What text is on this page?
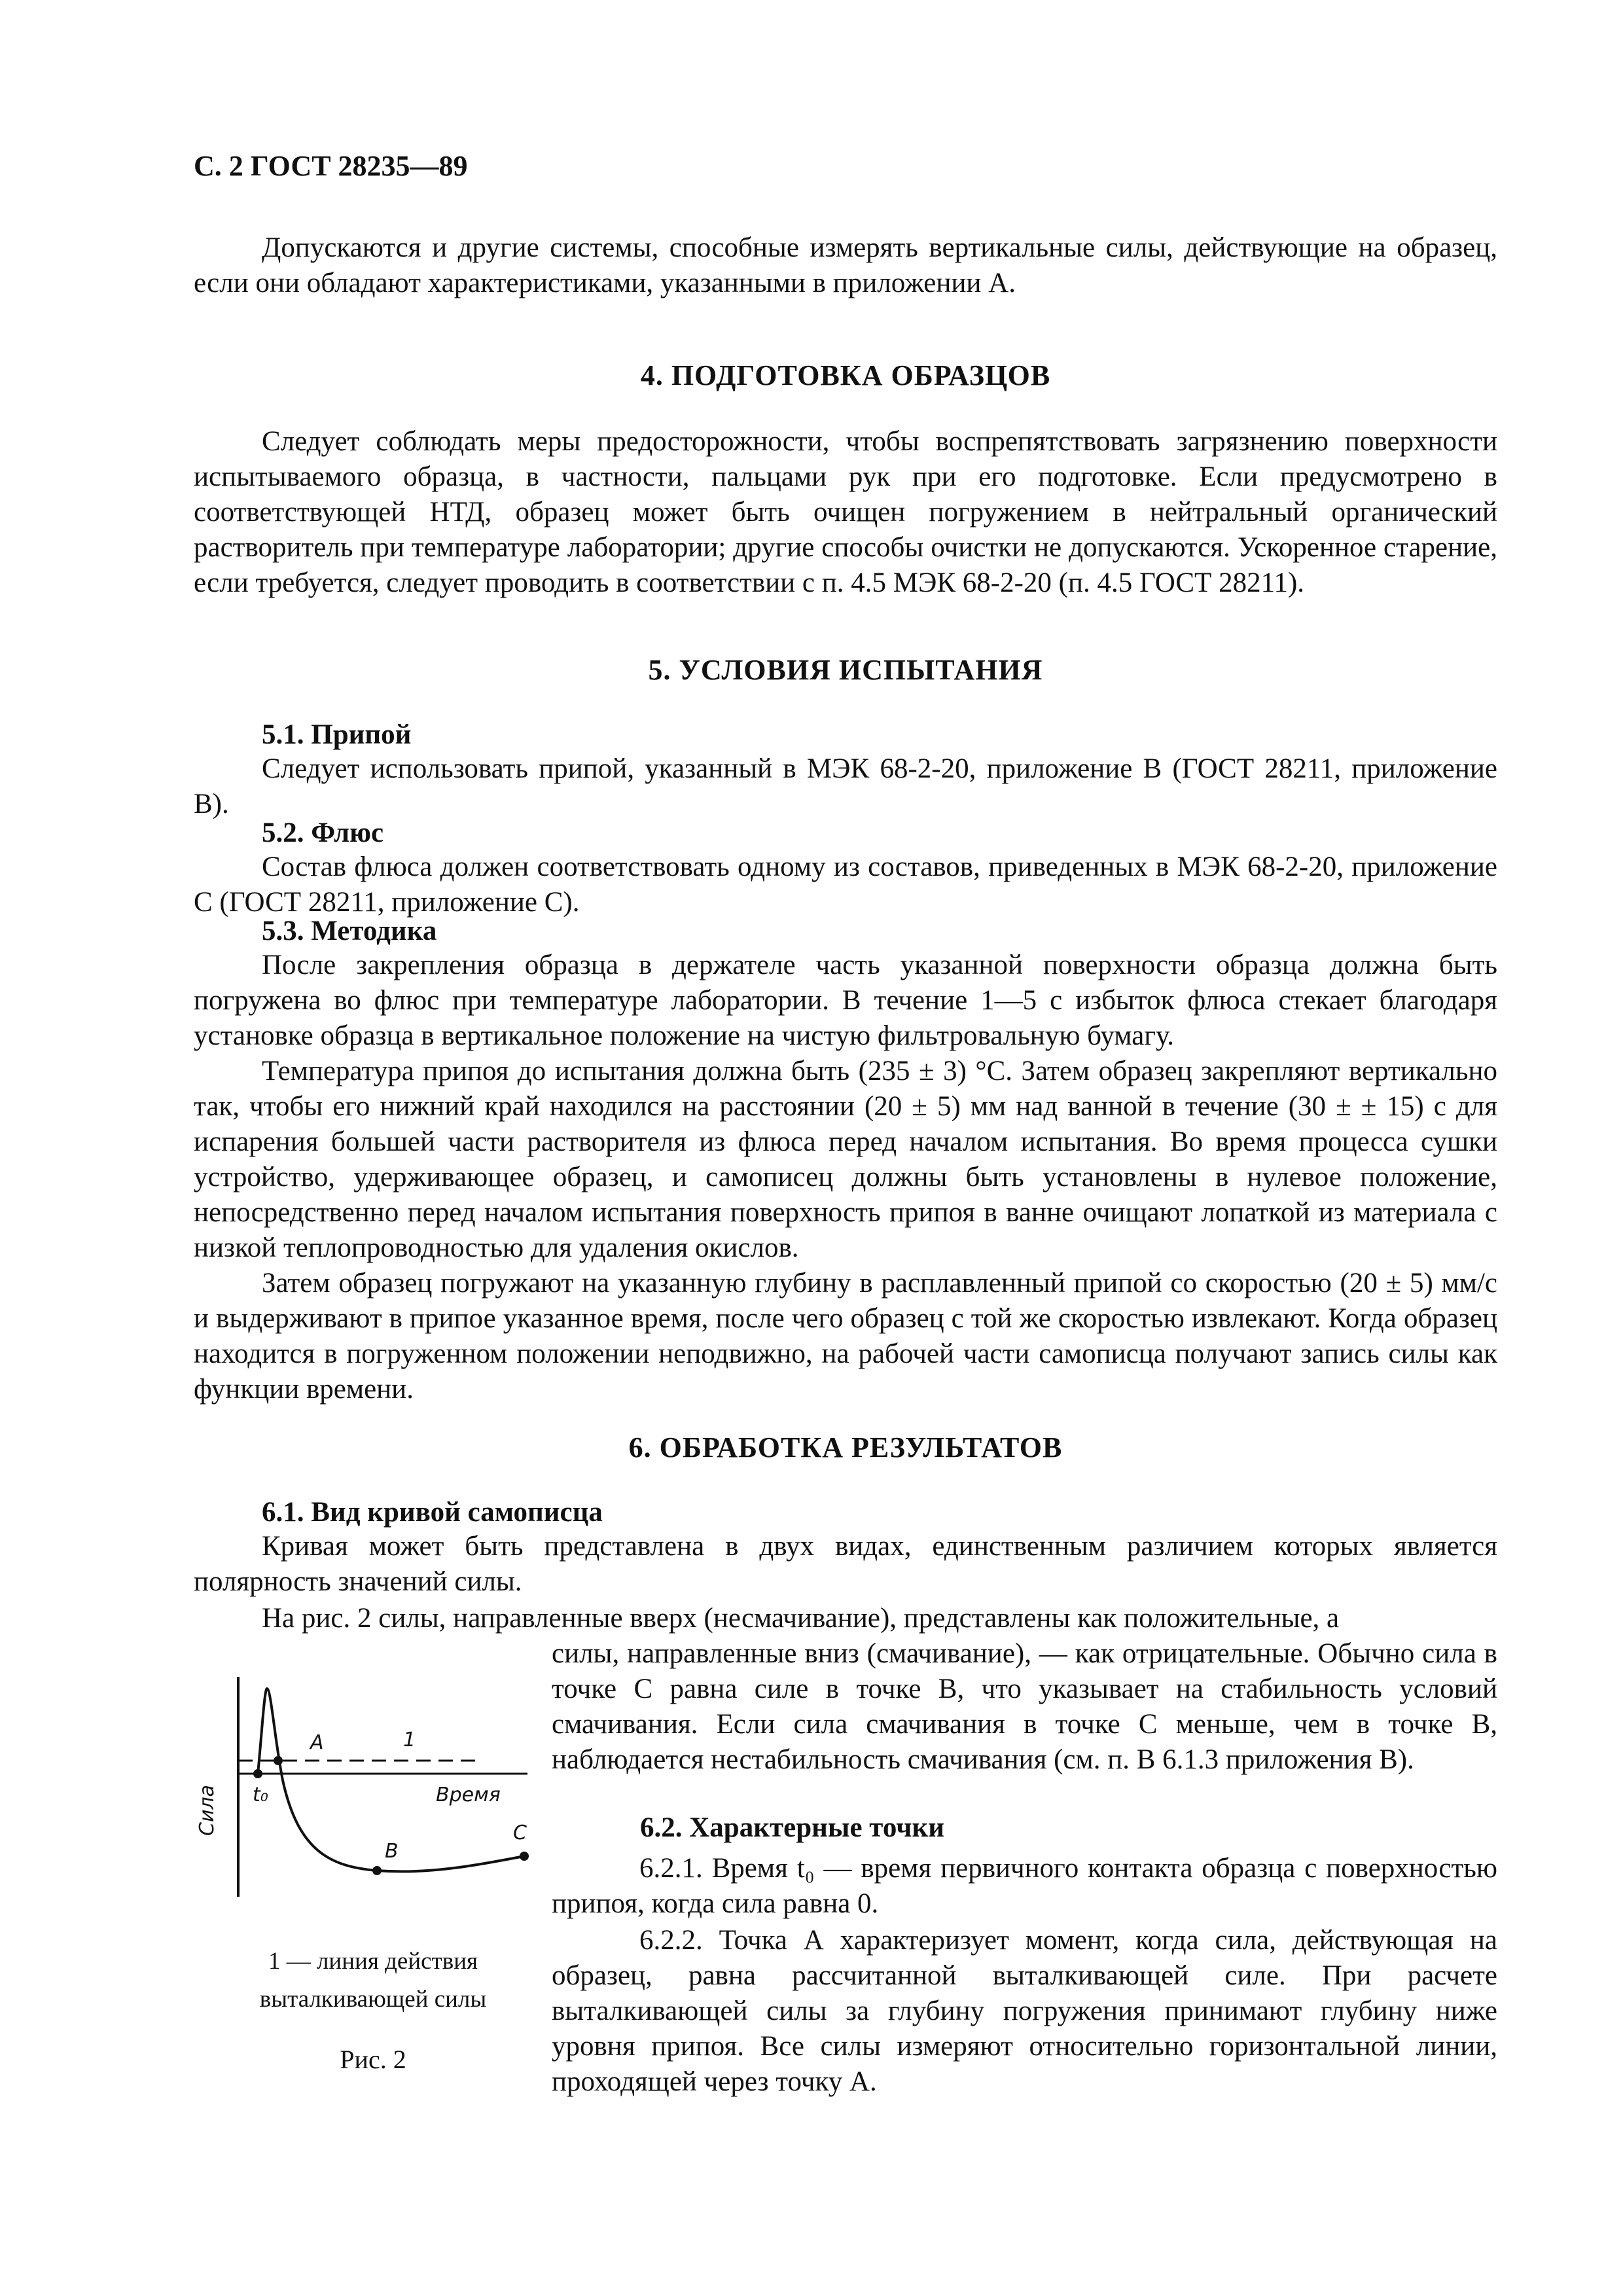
С. 2 ГОСТ 28235—89

Допускаются и другие системы, способные измерять вертикальные силы, действующие на образец, если они обладают характеристиками, указанными в приложении А.

4. ПОДГОТОВКА ОБРАЗЦОВ

Следует соблюдать меры предосторожности, чтобы воспрепятствовать загрязнению поверхности испытываемого образца, в частности, пальцами рук при его подготовке. Если предусмотрено в соответствующей НТД, образец может быть очищен погружением в нейтральный органический растворитель при температуре лаборатории; другие способы очистки не допускаются. Ускоренное старение, если требуется, следует проводить в соответствии с п. 4.5 МЭК 68-2-20 (п. 4.5 ГОСТ 28211).

5. УСЛОВИЯ ИСПЫТАНИЯ

5.1. Припой

Следует использовать припой, указанный в МЭК 68-2-20, приложение В (ГОСТ 28211, приложение В).

5.2. Флюс

Состав флюса должен соответствовать одному из составов, приведенных в МЭК 68-2-20, приложение С (ГОСТ 28211, приложение С).

5.3. Методика

После закрепления образца в держателе часть указанной поверхности образца должна быть погружена во флюс при температуре лаборатории. В течение 1—5 с избыток флюса стекает благодаря установке образца в вертикальное положение на чистую фильтровальную бумагу.

Температура припоя до испытания должна быть (235 ± 3) °С. Затем образец закрепляют вертикально так, чтобы его нижний край находился на расстоянии (20 ± 5) мм над ванной в течение (30 ± ± 15) с для испарения большей части растворителя из флюса перед началом испытания. Во время процесса сушки устройство, удерживающее образец, и самописец должны быть установлены в нулевое положение, непосредственно перед началом испытания поверхность припоя в ванне очищают лопаткой из материала с низкой теплопроводностью для удаления окислов.

Затем образец погружают на указанную глубину в расплавленный припой со скоростью (20 ± 5) мм/с и выдерживают в припое указанное время, после чего образец с той же скоростью извлекают. Когда образец находится в погруженном положении неподвижно, на рабочей части самописца получают запись силы как функции времени.

6. ОБРАБОТКА РЕЗУЛЬТАТОВ

6.1. Вид кривой самописца

Кривая может быть представлена в двух видах, единственным различием которых является полярность значений силы.

На рис. 2 силы, направленные вверх (несмачивание), представлены как положительные, а

силы, направленные вниз (смачивание), — как отрицательные. Обычно сила в точке С равна силе в точке В, что указывает на стабильность условий смачивания. Если сила смачивания в точке С меньше, чем в точке В, наблюдается нестабильность смачивания (см. п. В 6.1.3 приложения В).

6.2. Характерные точки

6.2.1. Время t₀ — время первичного контакта образца с поверхностью припоя, когда сила равна 0.

6.2.2. Точка А характеризует момент, когда сила, действующая на образец, равна рассчитанной выталкивающей силе. При расчете выталкивающей силы за глубину погружения принимают глубину ниже уровня припоя. Все силы измеряют относительно горизонтальной линии, проходящей через точку А.

Сила	Время
А	1
t₀
В
С
1 — линия действия
выталкивающей силы
Рис. 2
